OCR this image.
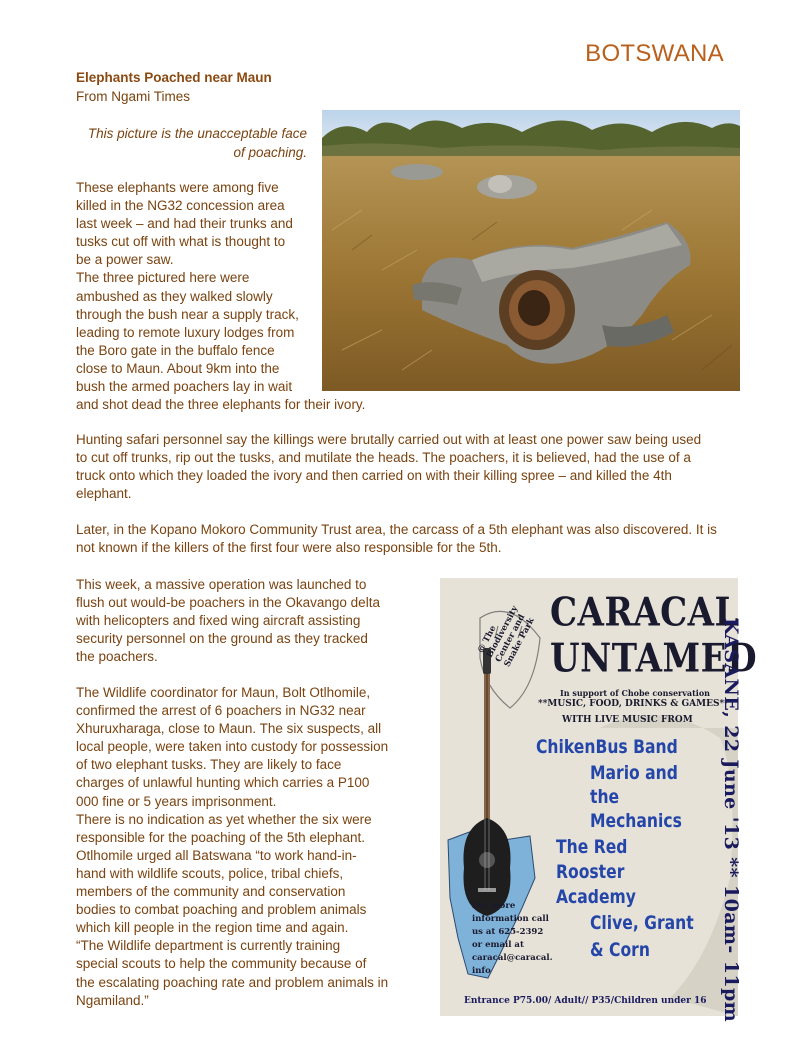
BOTSWANA
Elephants Poached near Maun
From Ngami Times
This picture is the unacceptable face
of poaching.

These elephants were among five

killed in the NG32 concession area

last week – and had their trunks and

tusks cut off with what is thought to

be a power saw.

The three pictured here were

ambushed as they walked slowly

through the bush near a supply track,

leading to remote luxury lodges from

the Boro gate in the buffalo fence

close to Maun. About 9km into the

bush the armed poachers lay in wait

and shot dead the three elephants for their ivory.

Hunting safari personnel say the killings were brutally carried out with at least one power saw being used

to cut off trunks, rip out the tusks, and mutilate the heads. The poachers, it is believed, had the use of a

truck onto which they loaded the ivory and then carried on with their killing spree – and killed the 4th

elephant.

Later, in the Kopano Mokoro Community Trust area, the carcass of a 5th elephant was also discovered. It is

not known if the killers of the first four were also responsible for the 5th.

This week, a massive operation was launched to

flush out would-be poachers in the Okavango delta

with helicopters and fixed wing aircraft assisting

security personnel on the ground as they tracked

the poachers.

The Wildlife coordinator for Maun, Bolt Otlhomile,

confirmed the arrest of 6 poachers in NG32 near

Xhuruxharaga, close to Maun. The six suspects, all

local people, were taken into custody for possession

of two elephant tusks. They are likely to face

charges of unlawful hunting which carries a P100

000 fine or 5 years imprisonment.

There is no indication as yet whether the six were

responsible for the poaching of the 5th elephant.

Otlhomile urged all Batswana “to work hand-in-

hand with wildlife scouts, police, tribal chiefs,

members of the community and conservation

bodies to combat poaching and problem animals

which kill people in the region time and again.

“The Wildlife department is currently training

special scouts to help the community because of

the escalating poaching rate and problem animals in

Ngamiland.”

@ The Biodiversity Center and Snake Park
CARACAL
UNTAMED
In support of Chobe conservation
**MUSIC, FOOD, DRINKS & GAMES**
WITH LIVE MUSIC FROM
ChikenBus Band
Mario and
the
Mechanics
The Red
Rooster
Academy
Clive, Grant
& Corn
For more information call us at 625-2392 or email at caracal@caracal. info	KASANE, 22 June '13 ** 10am- 11pm
Entrance P75.00/ Adult// P35/Children under 16
